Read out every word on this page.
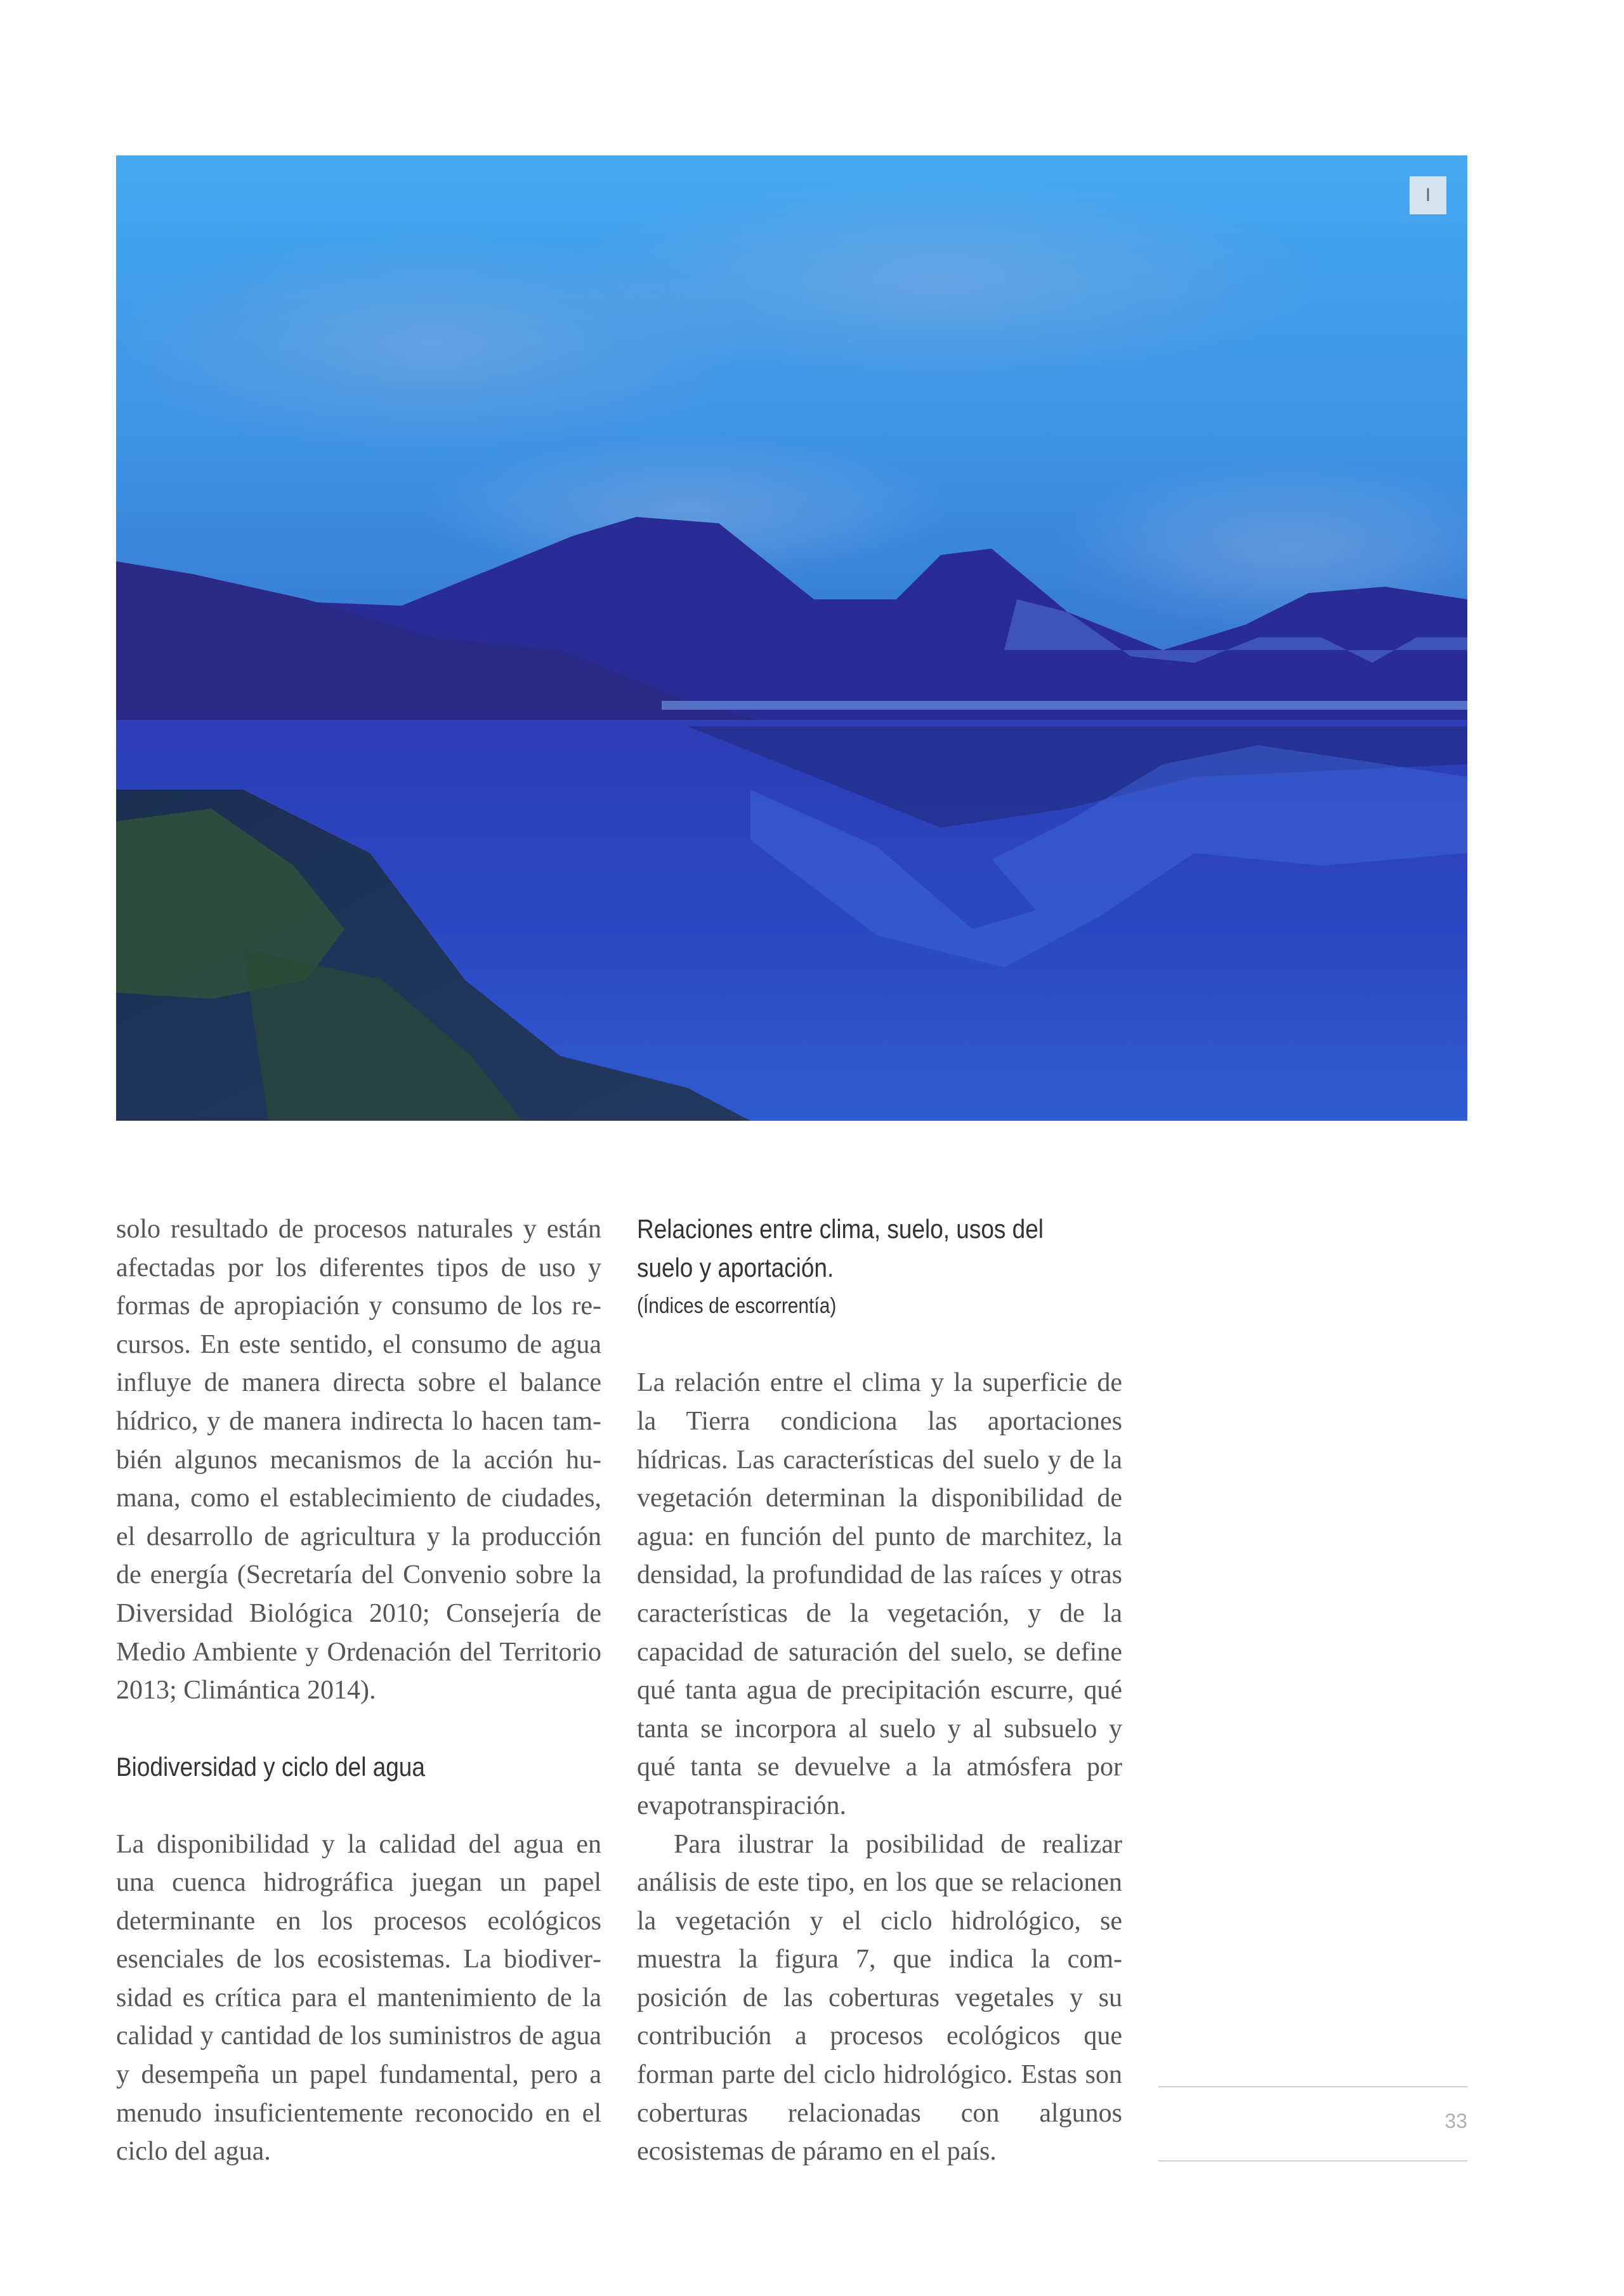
I

solo resultado de procesos naturales y están afectadas por los diferentes tipos de uso y formas de apropiación y consumo de los recursos. En este sentido, el consumo de agua influye de manera directa sobre el balance hídrico, y de manera indirecta lo hacen también algunos mecanismos de la acción humana, como el establecimiento de ciudades, el desarrollo de agricultura y la producción de energía (Secretaría del Convenio sobre la Diversidad Biológica 2010; Consejería de Medio Ambiente y Ordenación del Territorio 2013; Climántica 2014).

Biodiversidad y ciclo del agua

La disponibilidad y la calidad del agua en una cuenca hidrográfica juegan un papel determinante en los procesos ecológicos esenciales de los ecosistemas. La biodiversidad es crítica para el mantenimiento de la calidad y cantidad de los suministros de agua y desempeña un papel fundamental, pero a menudo insuficientemente reconocido en el ciclo del agua.

Relaciones entre clima, suelo, usos del suelo y aportación.

(Índices de escorrentía)

La relación entre el clima y la superficie de la Tierra condiciona las aportaciones hídricas. Las características del suelo y de la vegetación determinan la disponibilidad de agua: en función del punto de marchitez, la densidad, la profundidad de las raíces y otras características de la vegetación, y de la capacidad de saturación del suelo, se define qué tanta agua de precipitación escurre, qué tanta se incorpora al suelo y al subsuelo y qué tanta se devuelve a la atmósfera por evapotranspiración.

Para ilustrar la posibilidad de realizar análisis de este tipo, en los que se relacionen la vegetación y el ciclo hidrológico, se muestra la figura 7, que indica la composición de las coberturas vegetales y su contribución a procesos ecológicos que forman parte del ciclo hidrológico. Estas son coberturas relacionadas con algunos ecosistemas de páramo en el país.

33
